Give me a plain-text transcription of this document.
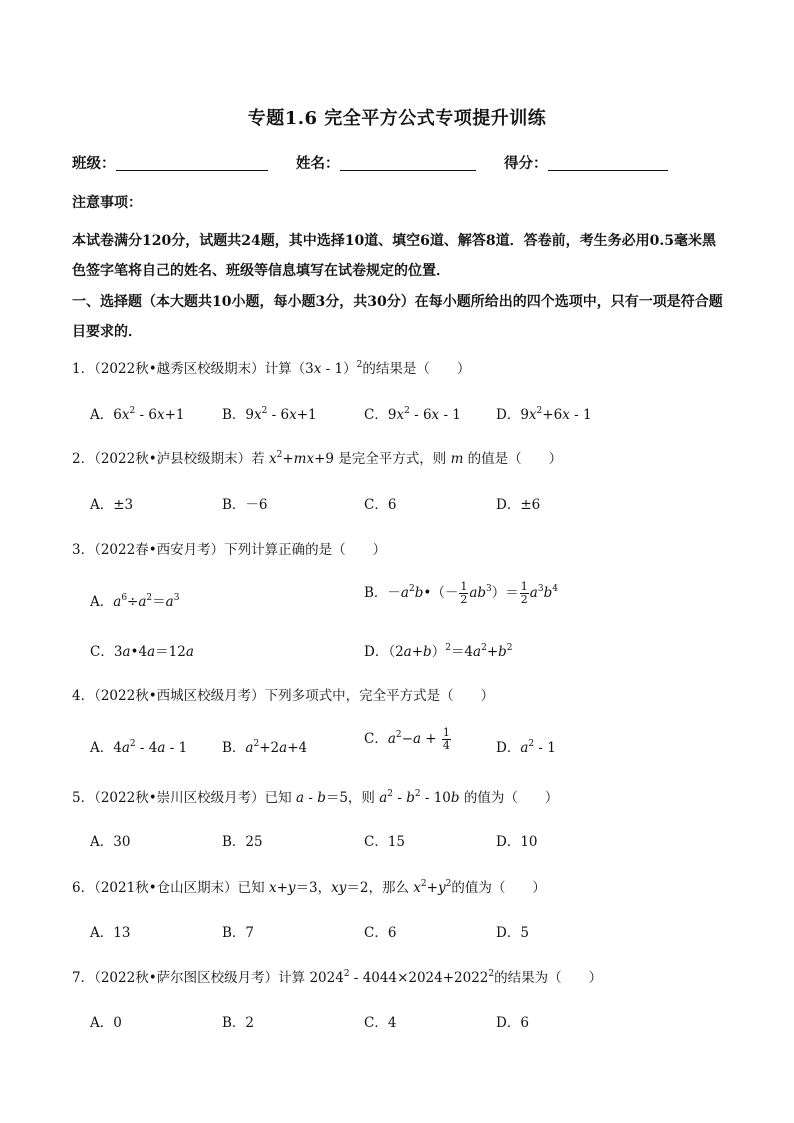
专题1.6 完全平方公式专项提升训练
班级：	姓名：	得分：
注意事项：
本试卷满分120分，试题共24题，其中选择10道、填空6道、解答8道．答卷前，考生务必用0.5毫米黑色签字笔将自己的姓名、班级等信息填写在试卷规定的位置．
一、选择题（本大题共10小题，每小题3分，共30分）在每小题所给出的四个选项中，只有一项是符合题目要求的．
1．（2022秋•越秀区校级期末）计算（3x - 1）$^2$的结果是（　　）
A．$6x^2 - 6x+1$	B．$9x^2 - 6x+1$	C．$9x^2 - 6x - 1$	D．$9x^2+6x - 1$
2．（2022秋•泸县校级期末）若 $x^2+mx+9$ 是完全平方式，则 m 的值是（　　）
A．±3	B．－6	C．6	D．±6
3．（2022春•西安月考）下列计算正确的是（　　）
A．$a^6\div a^2=a^3$	B．$-a^2b•(- \frac{1}{2} ab^3)= \frac{1}{2} a^3b^4$
C．3a•4a＝12a	D．$(2a+b)^2=4a^2+b^2$
4．（2022秋•西城区校级月考）下列多项式中，完全平方式是（　　）
A．$4a^2 - 4a - 1$	B．$a^2+2a+4$
C．$a^2-a + \frac{1}{4}$	D．$a^2 - 1$
5．（2022秋•崇川区校级月考）已知 a - b＝5，则 $a^2 - b^2 - 10b$ 的值为（　　）
A．30	B．25	C．15	D．10
6．（2021秋•仓山区期末）已知 x+y＝3，xy＝2，那么 $x^2+y^2$的值为（　　）
A．13	B．7	C．6	D．5
7．（2022秋•萨尔图区校级月考）计算 $2024^2 - 4044\times 2024+2022^2$的结果为（　　）
A．0	B．2	C．4	D．6
